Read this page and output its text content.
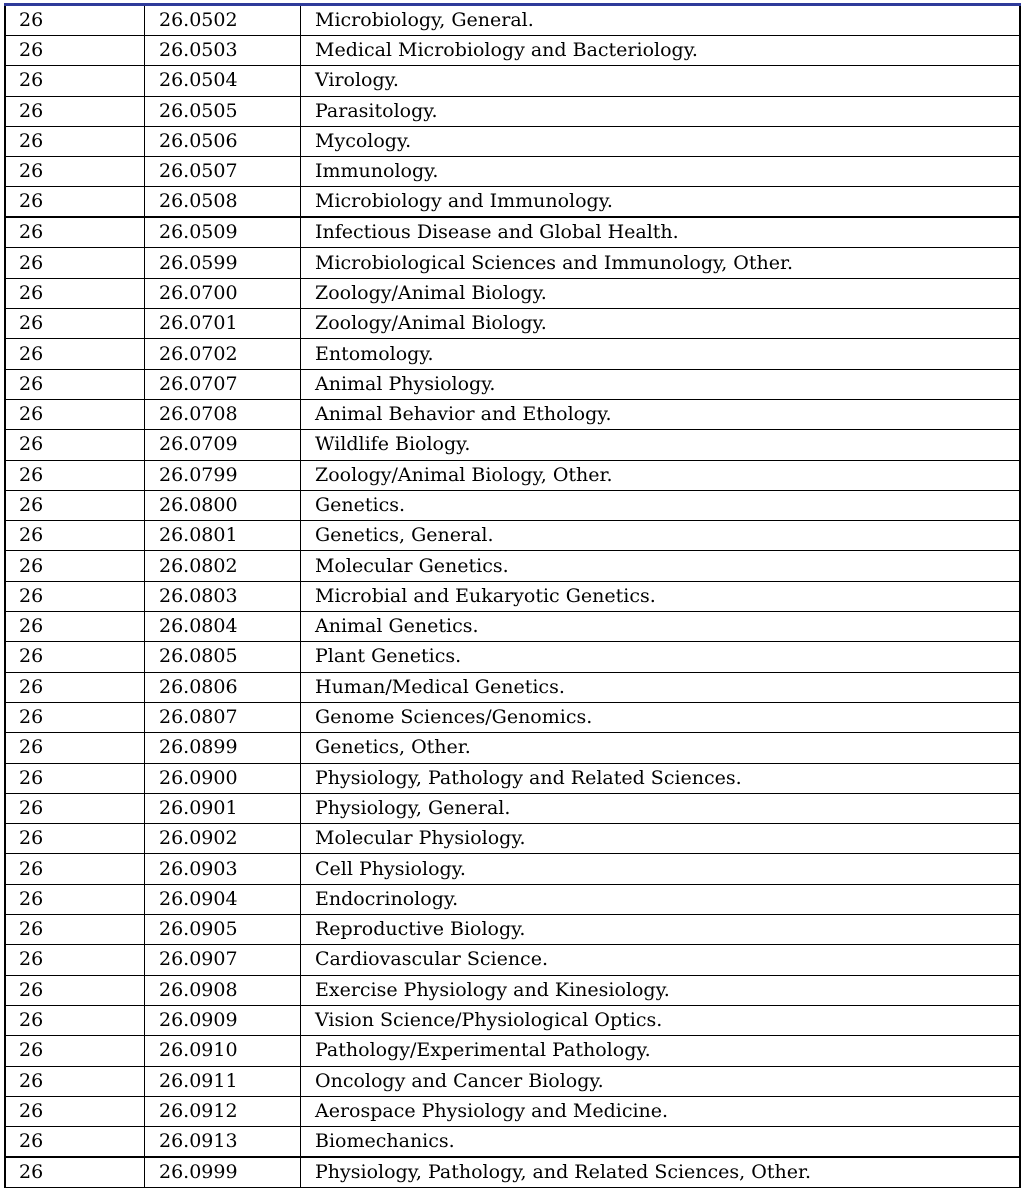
26	26.0502	Microbiology, General.
26	26.0503	Medical Microbiology and Bacteriology.
26	26.0504	Virology.
26	26.0505	Parasitology.
26	26.0506	Mycology.
26	26.0507	Immunology.
26	26.0508	Microbiology and Immunology.
26	26.0509	Infectious Disease and Global Health.
26	26.0599	Microbiological Sciences and Immunology, Other.
26	26.0700	Zoology/Animal Biology.
26	26.0701	Zoology/Animal Biology.
26	26.0702	Entomology.
26	26.0707	Animal Physiology.
26	26.0708	Animal Behavior and Ethology.
26	26.0709	Wildlife Biology.
26	26.0799	Zoology/Animal Biology, Other.
26	26.0800	Genetics.
26	26.0801	Genetics, General.
26	26.0802	Molecular Genetics.
26	26.0803	Microbial and Eukaryotic Genetics.
26	26.0804	Animal Genetics.
26	26.0805	Plant Genetics.
26	26.0806	Human/Medical Genetics.
26	26.0807	Genome Sciences/Genomics.
26	26.0899	Genetics, Other.
26	26.0900	Physiology, Pathology and Related Sciences.
26	26.0901	Physiology, General.
26	26.0902	Molecular Physiology.
26	26.0903	Cell Physiology.
26	26.0904	Endocrinology.
26	26.0905	Reproductive Biology.
26	26.0907	Cardiovascular Science.
26	26.0908	Exercise Physiology and Kinesiology.
26	26.0909	Vision Science/Physiological Optics.
26	26.0910	Pathology/Experimental Pathology.
26	26.0911	Oncology and Cancer Biology.
26	26.0912	Aerospace Physiology and Medicine.
26	26.0913	Biomechanics.
26	26.0999	Physiology, Pathology, and Related Sciences, Other.
